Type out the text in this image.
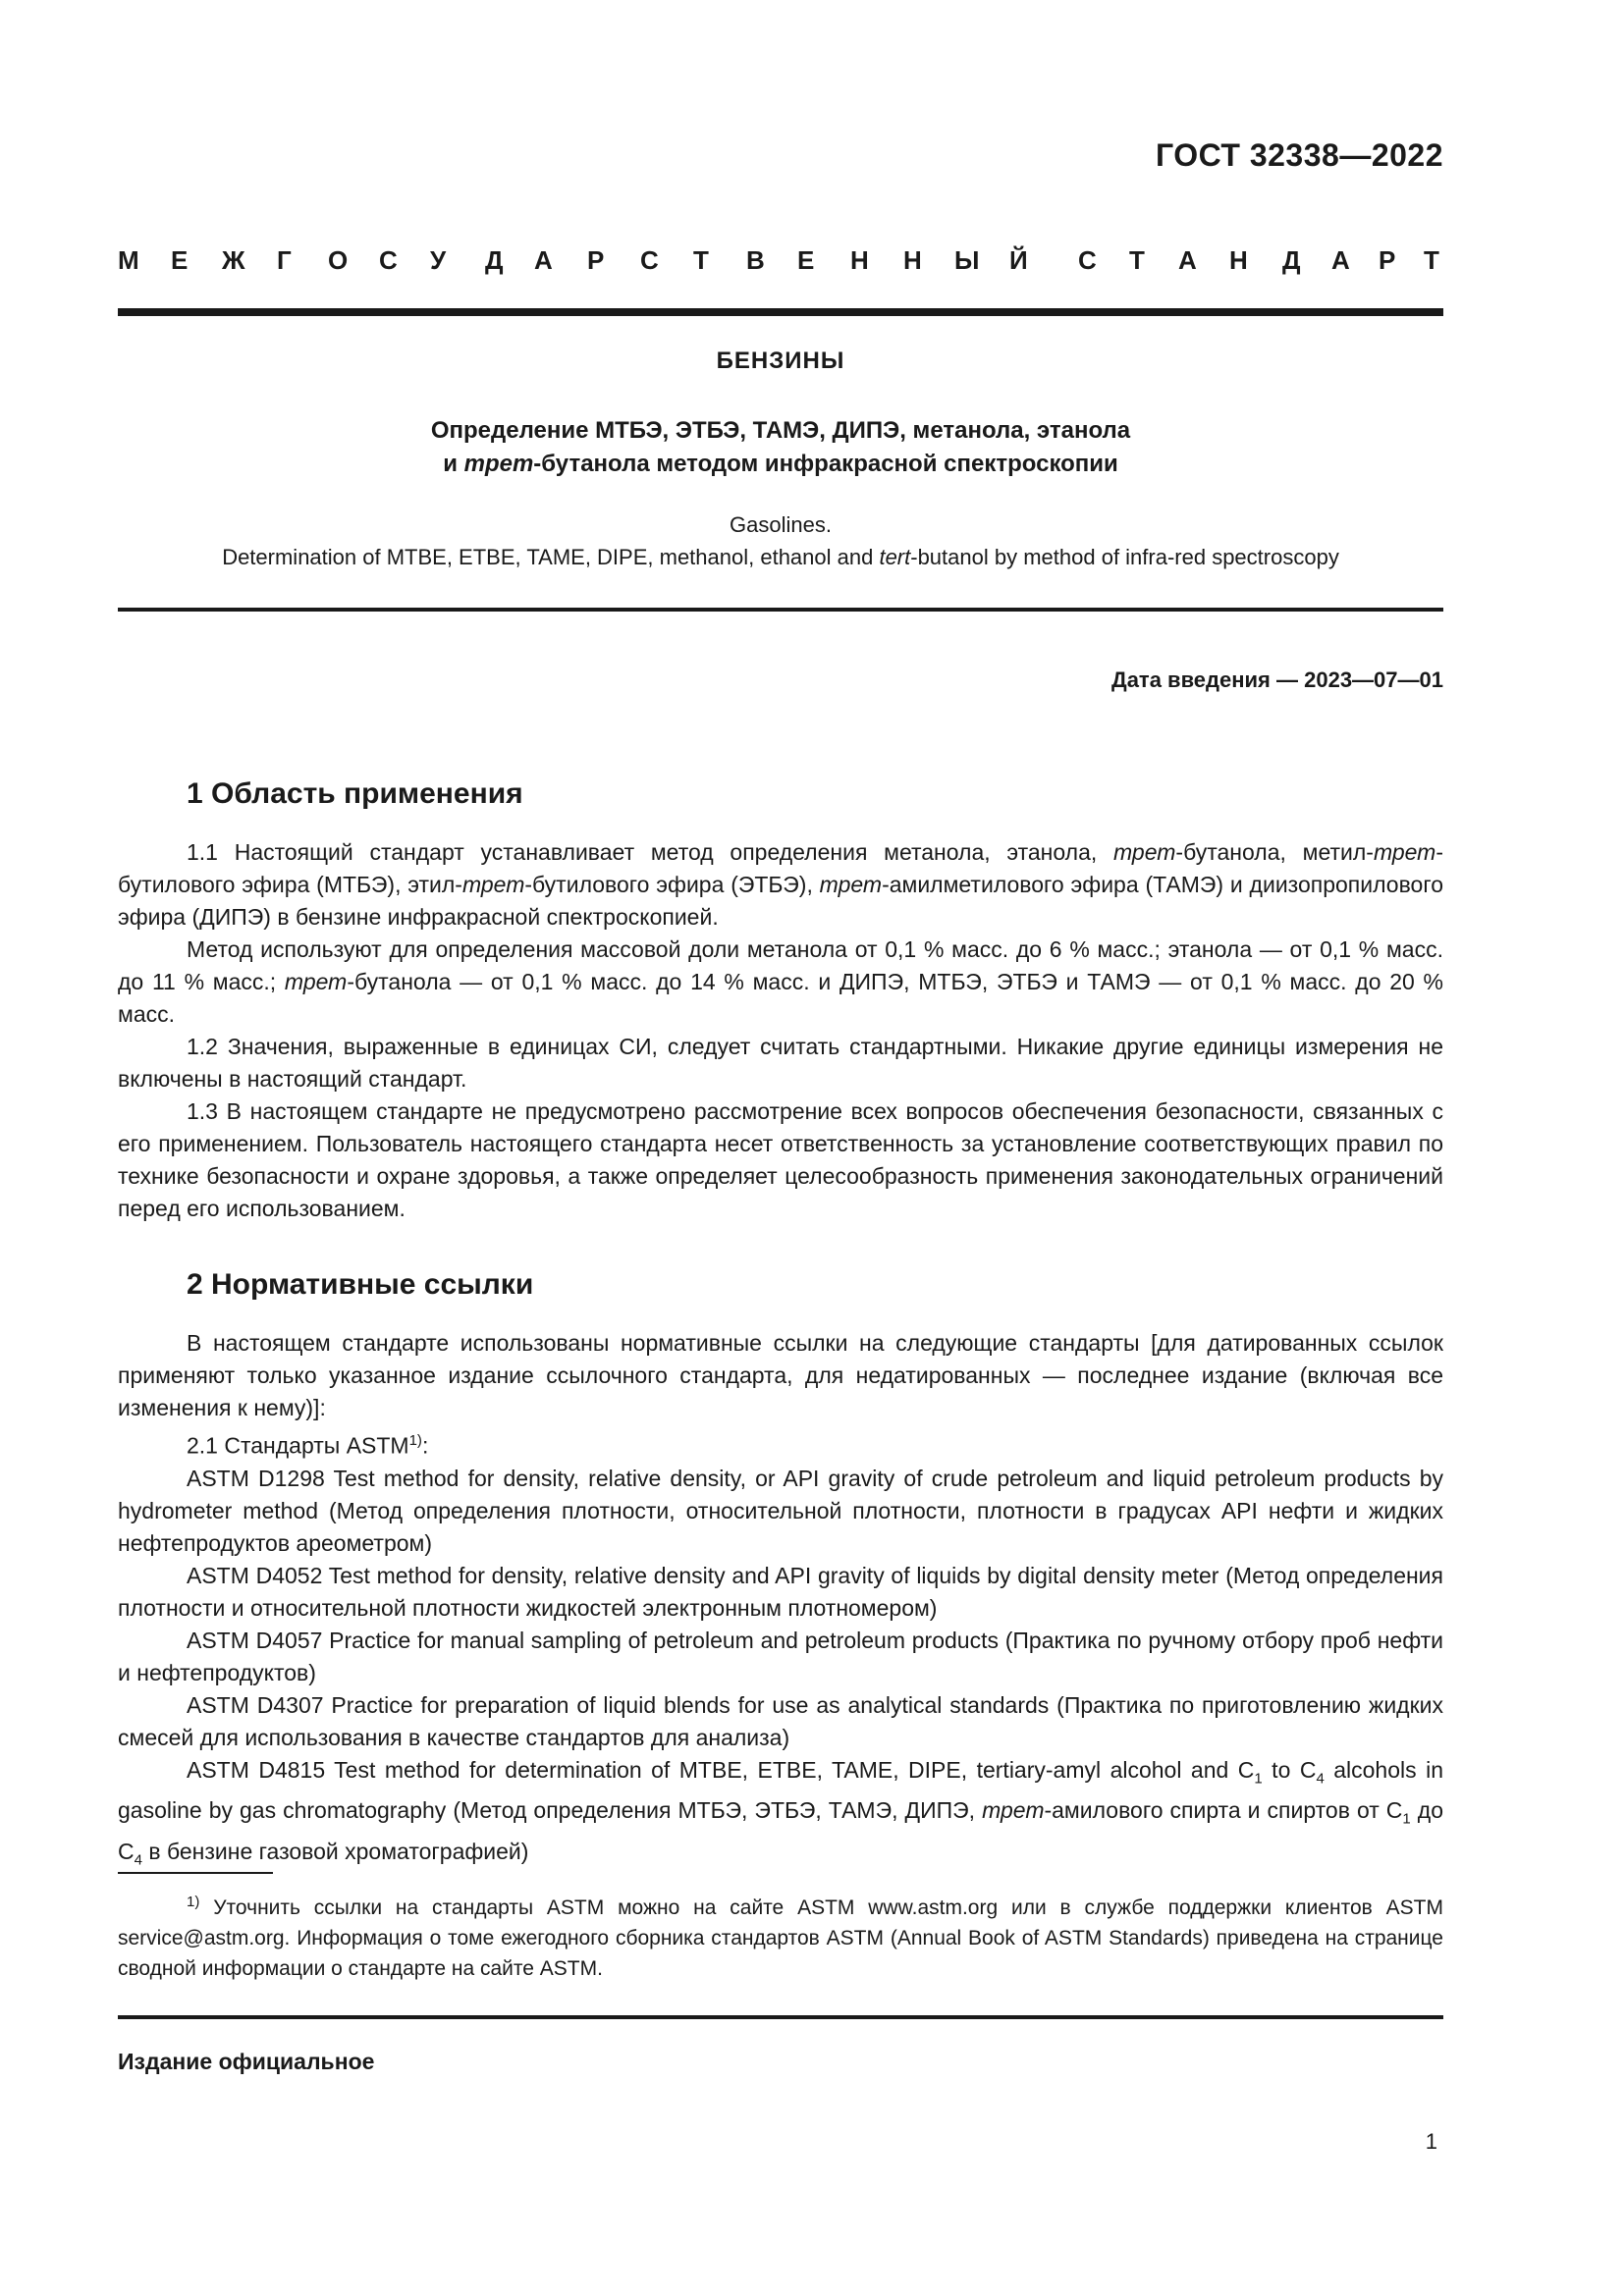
ГОСТ 32338—2022
М Е Ж Г О С У Д А Р С Т В Е Н Н Ы Й С Т А Н Д А Р Т
БЕНЗИНЫ
Определение МТБЭ, ЭТБЭ, ТАМЭ, ДИПЭ, метанола, этанола
и трет-бутанола методом инфракрасной спектроскопии
Gasolines.
Determination of MTBE, ETBE, TAME, DIPE, methanol, ethanol and tert-butanol by method of infra-red spectroscopy
Дата введения — 2023—07—01
1 Область применения

1.1 Настоящий стандарт устанавливает метод определения метанола, этанола, трет-бутанола, метил-трет-бутилового эфира (МТБЭ), этил-трет-бутилового эфира (ЭТБЭ), трет-амилметилового эфира (ТАМЭ) и диизопропилового эфира (ДИПЭ) в бензине инфракрасной спектроскопией.

Метод используют для определения массовой доли метанола от 0,1 % масс. до 6 % масс.; этанола — от 0,1 % масс. до 11 % масс.; трет-бутанола — от 0,1 % масс. до 14 % масс. и ДИПЭ, МТБЭ, ЭТБЭ и ТАМЭ — от 0,1 % масс. до 20 % масс.

1.2 Значения, выраженные в единицах СИ, следует считать стандартными. Никакие другие единицы измерения не включены в настоящий стандарт.

1.3 В настоящем стандарте не предусмотрено рассмотрение всех вопросов обеспечения безопасности, связанных с его применением. Пользователь настоящего стандарта несет ответственность за установление соответствующих правил по технике безопасности и охране здоровья, а также определяет целесообразность применения законодательных ограничений перед его использованием.

2 Нормативные ссылки

В настоящем стандарте использованы нормативные ссылки на следующие стандарты [для датированных ссылок применяют только указанное издание ссылочного стандарта, для недатированных — последнее издание (включая все изменения к нему)]:

2.1 Стандарты ASTM$^{1)}$:

ASTM D1298 Test method for density, relative density, or API gravity of crude petroleum and liquid petroleum products by hydrometer method (Метод определения плотности, относительной плотности, плотности в градусах API нефти и жидких нефтепродуктов ареометром)

ASTM D4052 Test method for density, relative density and API gravity of liquids by digital density meter (Метод определения плотности и относительной плотности жидкостей электронным плотномером)

ASTM D4057 Practice for manual sampling of petroleum and petroleum products (Практика по ручному отбору проб нефти и нефтепродуктов)

ASTM D4307 Practice for preparation of liquid blends for use as analytical standards (Практика по приготовлению жидких смесей для использования в качестве стандартов для анализа)

ASTM D4815 Test method for determination of MTBE, ETBE, TAME, DIPE, tertiary-amyl alcohol and $C_1$ to $C_4$ alcohols in gasoline by gas chromatography (Метод определения МТБЭ, ЭТБЭ, ТАМЭ, ДИПЭ, трет-амилового спирта и спиртов от $C_1$ до $C_4$ в бензине газовой хроматографией)

$^{1)}$ Уточнить ссылки на стандарты ASTM можно на сайте ASTM www.astm.org или в службе поддержки клиентов ASTM service@astm.org. Информация о томе ежегодного сборника стандартов ASTM (Annual Book of ASTM Standards) приведена на странице сводной информации о стандарте на сайте ASTM.

Издание официальное
1
